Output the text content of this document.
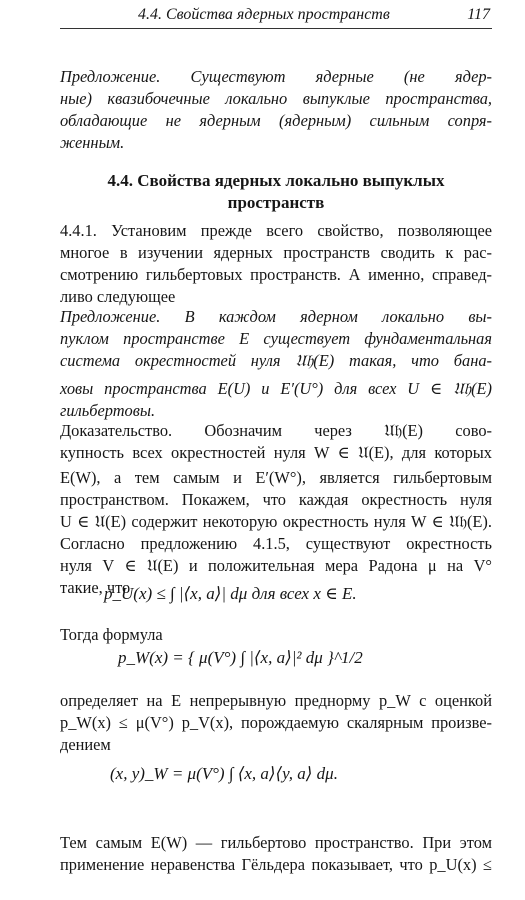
4.4. Свойства ядерных пространств	117
Предложение. Существуют ядерные (не ядер-
ные) квазибочечные локально выпуклые пространства,
обладающие не ядерным (ядерным) сильным сопря-
женным.
4.4. Свойства ядерных локально выпуклых
пространств
4.4.1. Установим прежде всего свойство, позволяющее
многое в изучении ядерных пространств сводить к рас-
смотрению гильбертовых пространств. А именно, справед-
ливо следующее
Предложение. В каждом ядерном локально вы-
пуклом пространстве E существует фундаментальная
система окрестностей нуля 𝔘𝔥(E) такая, что бана-
ховы пространства E(U) и E′(U°) для всех U ∈ 𝔘𝔥(E)
гильбертовы.
Доказательство. Обозначим через 𝔘𝔥(E) сово-
купность всех окрестностей нуля W ∈ 𝔘(E), для которых
E(W), а тем самым и E′(W°), является гильбертовым
пространством. Покажем, что каждая окрестность нуля
U ∈ 𝔘(E) содержит некоторую окрестность нуля W ∈ 𝔘𝔥(E).
Согласно предложению 4.1.5, существуют окрестность
нуля V ∈ 𝔘(E) и положительная мера Радона μ на V°
такие, что
p_U(x) ≤ ∫ |⟨x, a⟩| dμ для всех x ∈ E.
Тогда формула
p_W(x) = { μ(V°) ∫ |⟨x, a⟩|² dμ }^1/2
определяет на E непрерывную преднорму p_W с оценкой
p_W(x) ≤ μ(V°) p_V(x), порождаемую скалярным произве-
дением
(x, y)_W = μ(V°) ∫ ⟨x, a⟩⟨y, a⟩ dμ.
Тем самым E(W) — гильбертово пространство. При этом
применение неравенства Гёльдера показывает, что p_U(x) ≤
